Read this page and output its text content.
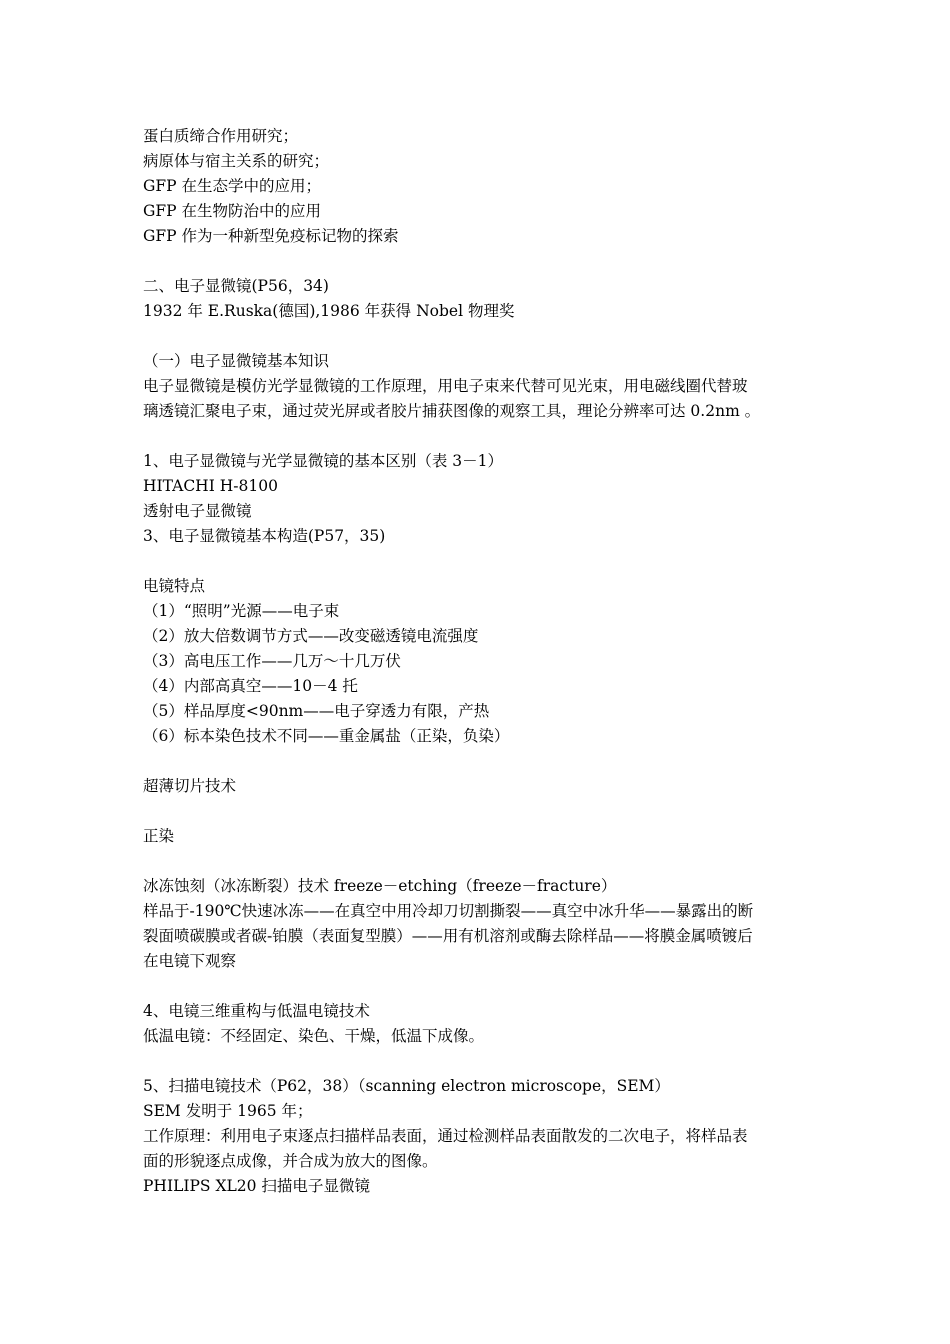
蛋白质缔合作用研究；
病原体与宿主关系的研究；
GFP 在生态学中的应用；
GFP 在生物防治中的应用
GFP 作为一种新型免疫标记物的探索
二、电子显微镜(P56，34)
1932 年 E.Ruska(德国),1986 年获得 Nobel 物理奖
（一）电子显微镜基本知识
电子显微镜是模仿光学显微镜的工作原理，用电子束来代替可见光束，用电磁线圈代替玻
璃透镜汇聚电子束，通过荧光屏或者胶片捕获图像的观察工具，理论分辨率可达 0.2nm 。
1、电子显微镜与光学显微镜的基本区别（表 3－1）
HITACHI H-8100
透射电子显微镜
3、电子显微镜基本构造(P57，35)
电镜特点
（1）“照明”光源——电子束
（2）放大倍数调节方式——改变磁透镜电流强度
（3）高电压工作——几万～十几万伏
（4）内部高真空——10－4 托
（5）样品厚度<90nm——电子穿透力有限，产热
（6）标本染色技术不同——重金属盐（正染，负染）
超薄切片技术
正染
冰冻蚀刻（冰冻断裂）技术 freeze－etching（freeze－fracture）
样品于-190℃快速冰冻——在真空中用冷却刀切割撕裂——真空中冰升华——暴露出的断
裂面喷碳膜或者碳-铂膜（表面复型膜）——用有机溶剂或酶去除样品——将膜金属喷镀后
在电镜下观察
4、电镜三维重构与低温电镜技术
低温电镜：不经固定、染色、干燥，低温下成像。
5、扫描电镜技术（P62，38）（scanning electron microscope，SEM）
SEM 发明于 1965 年；
工作原理：利用电子束逐点扫描样品表面，通过检测样品表面散发的二次电子，将样品表
面的形貌逐点成像，并合成为放大的图像。
PHILIPS XL20 扫描电子显微镜
